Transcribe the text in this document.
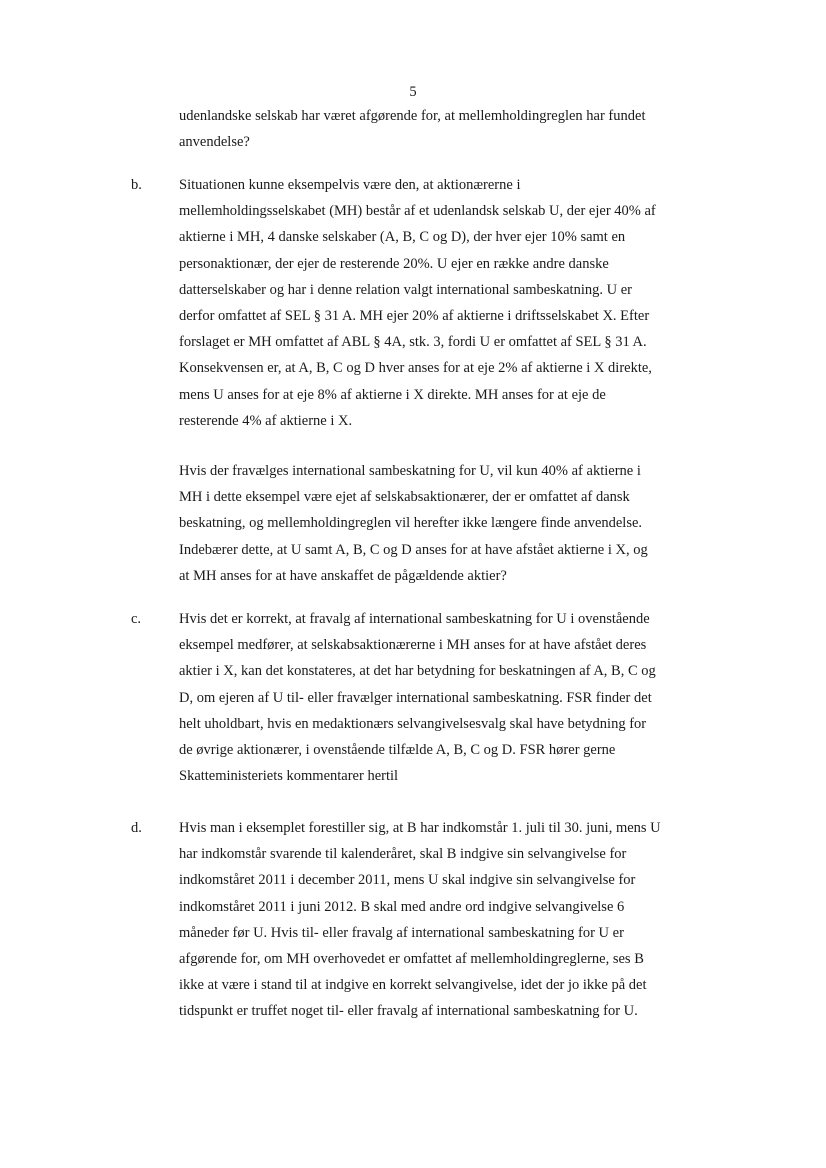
5

udenlandske selskab har været afgørende for, at mellemholdingreglen har fundet

anvendelse?

b.	Situationen kunne eksempelvis være den, at aktionærerne i

mellemholdingsselskabet (MH) består af et udenlandsk selskab U, der ejer 40% af

aktierne i MH, 4 danske selskaber (A, B, C og D), der hver ejer 10% samt en

personaktionær, der ejer de resterende 20%. U ejer en række andre danske

datterselskaber og har i denne relation valgt international sambeskatning. U er

derfor omfattet af SEL § 31 A. MH ejer 20% af aktierne i driftsselskabet X. Efter

forslaget er MH omfattet af ABL § 4A, stk. 3, fordi U er omfattet af SEL § 31 A.

Konsekvensen er, at A, B, C og D hver anses for at eje 2% af aktierne i X direkte,

mens U anses for at eje 8% af aktierne i X direkte. MH anses for at eje de

resterende 4% af aktierne i X.

Hvis der fravælges international sambeskatning for U, vil kun 40% af aktierne i

MH i dette eksempel være ejet af selskabsaktionærer, der er omfattet af dansk

beskatning, og mellemholdingreglen vil herefter ikke længere finde anvendelse.

Indebærer dette, at U samt A, B, C og D anses for at have afstået aktierne i X, og

at MH anses for at have anskaffet de pågældende aktier?

c.	Hvis det er korrekt, at fravalg af international sambeskatning for U i ovenstående

eksempel medfører, at selskabsaktionærerne i MH anses for at have afstået deres

aktier i X, kan det konstateres, at det har betydning for beskatningen af A, B, C og

D, om ejeren af U til- eller fravælger international sambeskatning. FSR finder det

helt uholdbart, hvis en medaktionærs selvangivelsesvalg skal have betydning for

de øvrige aktionærer, i ovenstående tilfælde A, B, C og D. FSR hører gerne

Skatteministeriets kommentarer hertil

d.	Hvis man i eksemplet forestiller sig, at B har indkomstår 1. juli til 30. juni, mens U

har indkomstår svarende til kalenderåret, skal B indgive sin selvangivelse for

indkomståret 2011 i december 2011, mens U skal indgive sin selvangivelse for

indkomståret 2011 i juni 2012. B skal med andre ord indgive selvangivelse 6

måneder før U. Hvis til- eller fravalg af international sambeskatning for U er

afgørende for, om MH overhovedet er omfattet af mellemholdingreglerne, ses B

ikke at være i stand til at indgive en korrekt selvangivelse, idet der jo ikke på det

tidspunkt er truffet noget til- eller fravalg af international sambeskatning for U.
